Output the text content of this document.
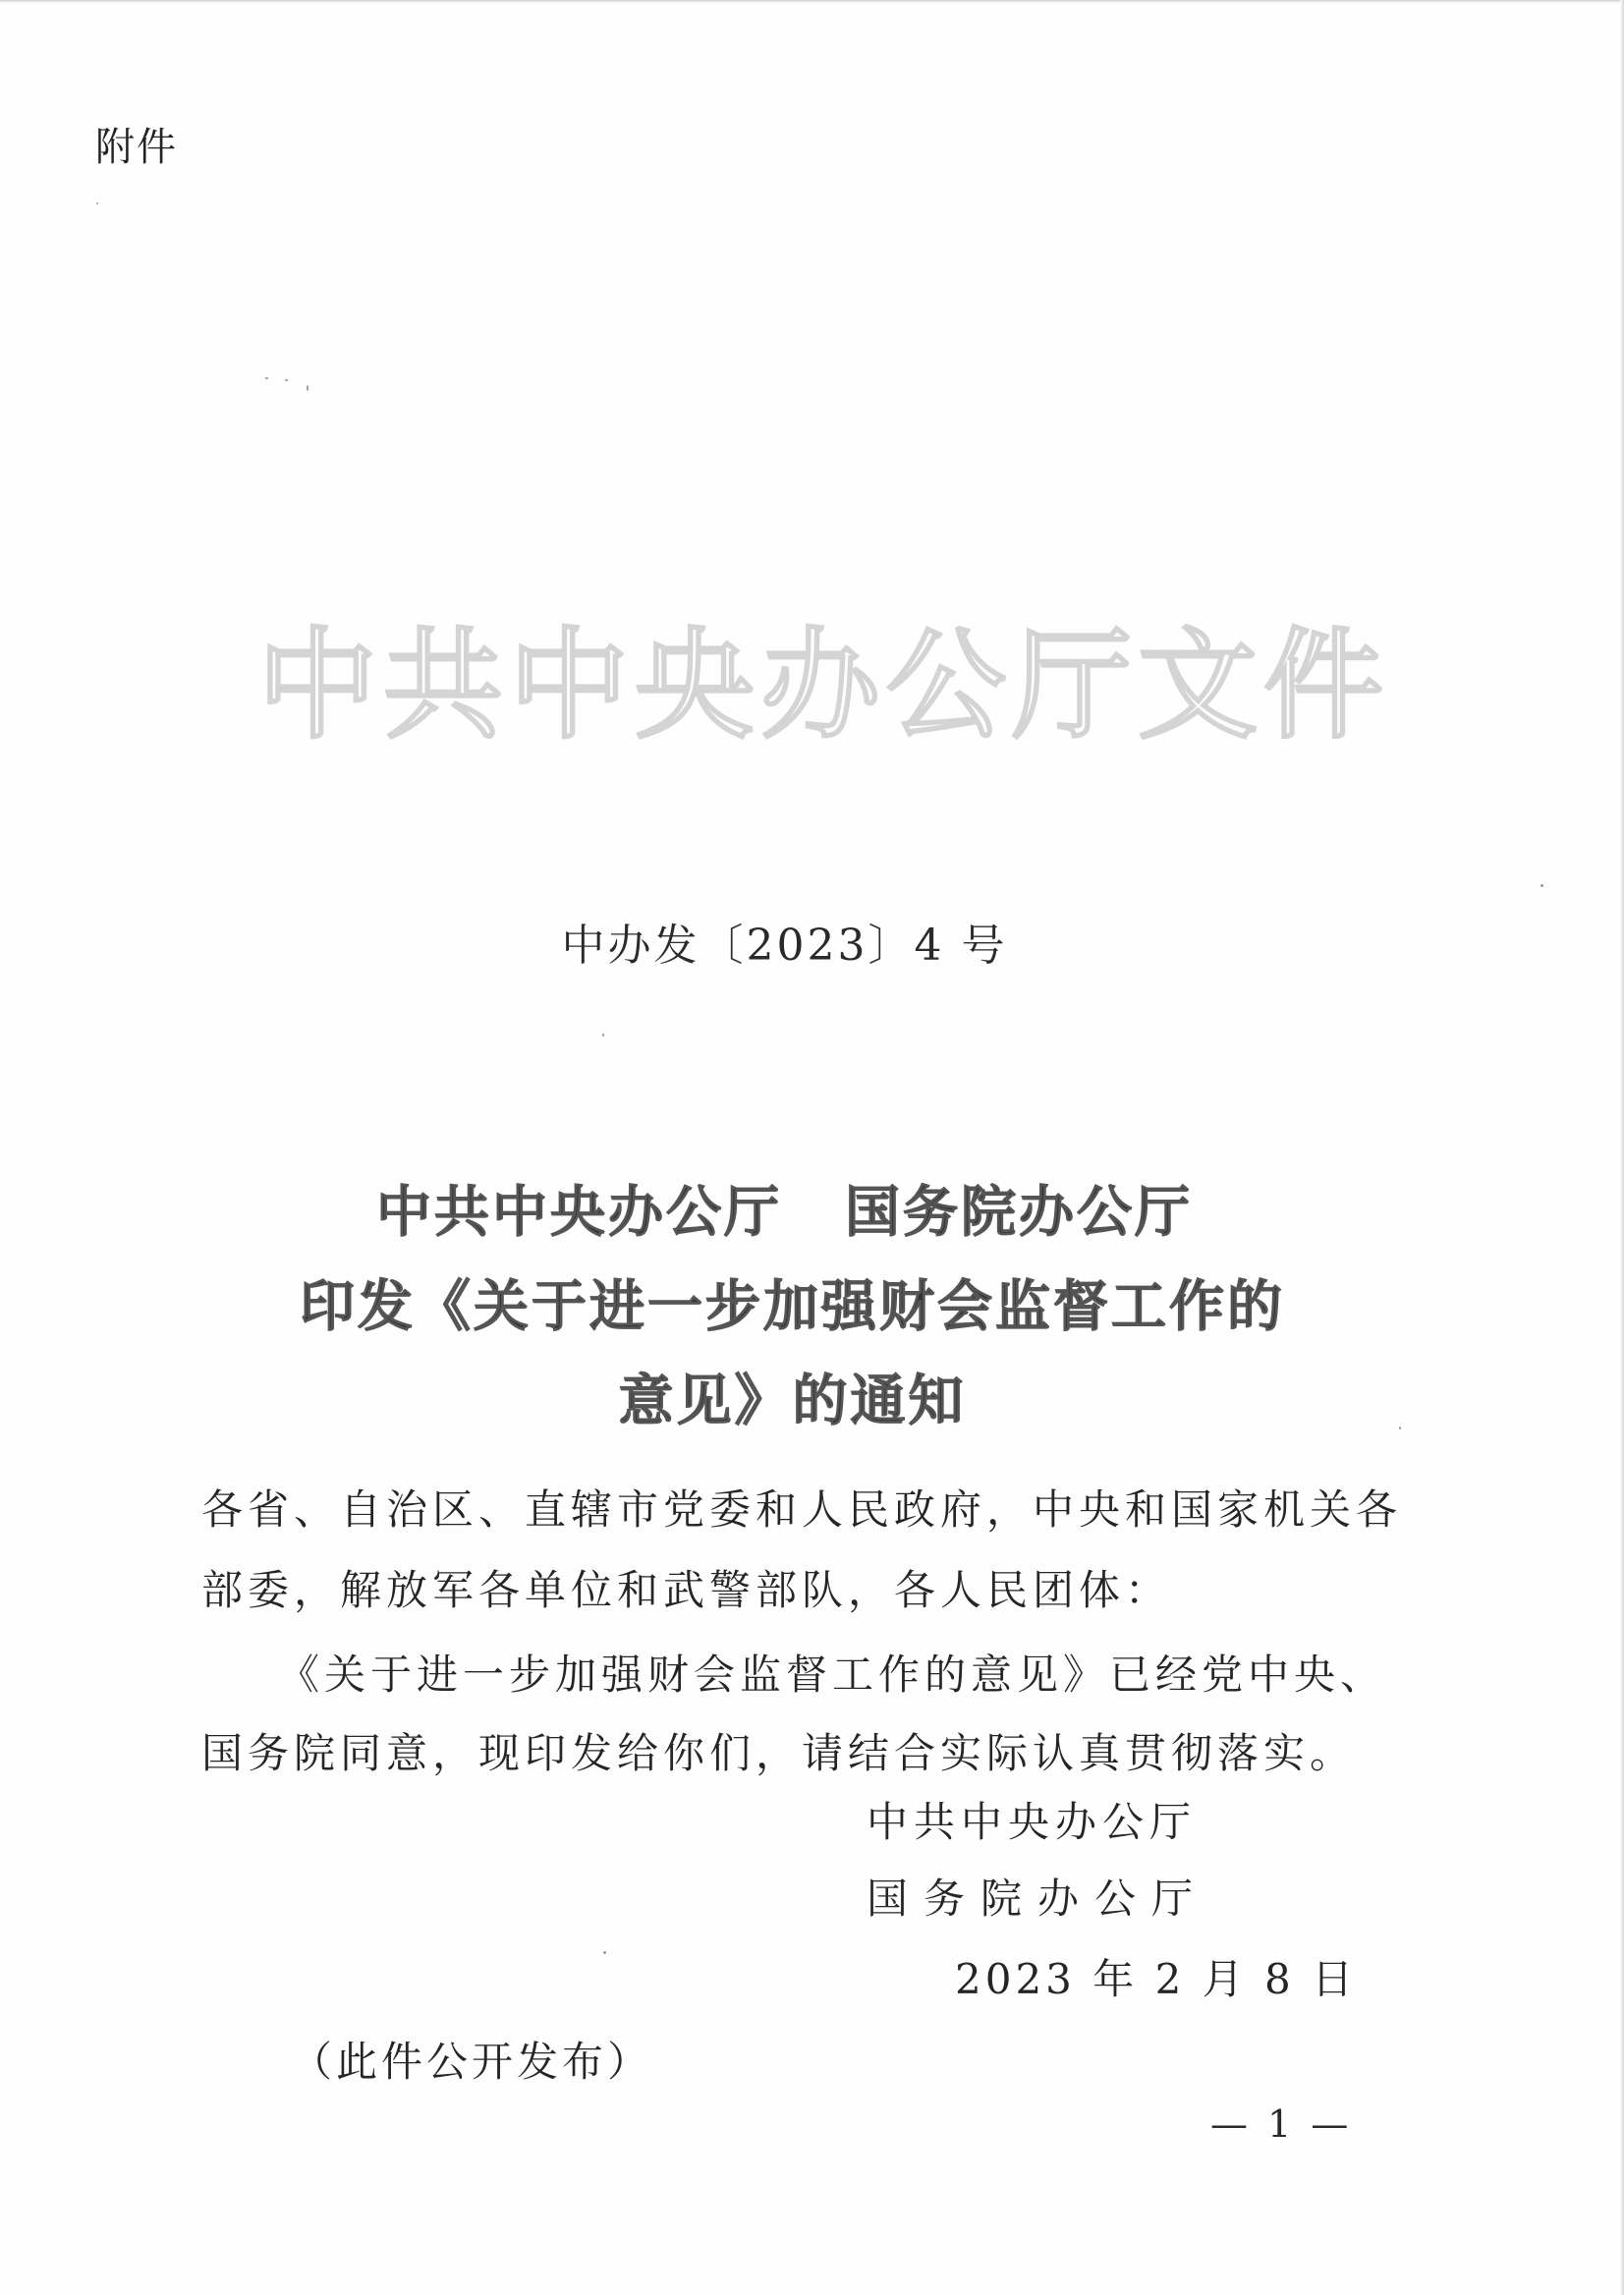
附件
中共中央办公厅文件
中办发〔2023〕4 号
中共中央办公厅 国务院办公厅
印发《关于进一步加强财会监督工作的
意见》的通知
各省、自治区、直辖市党委和人民政府，中央和国家机关各
部委，解放军各单位和武警部队，各人民团体：
《关于进一步加强财会监督工作的意见》已经党中央、
国务院同意，现印发给你们，请结合实际认真贯彻落实。
中共中央办公厅
国务院办公厅
2023 年 2 月 8 日
（此件公开发布）
— 1 —
